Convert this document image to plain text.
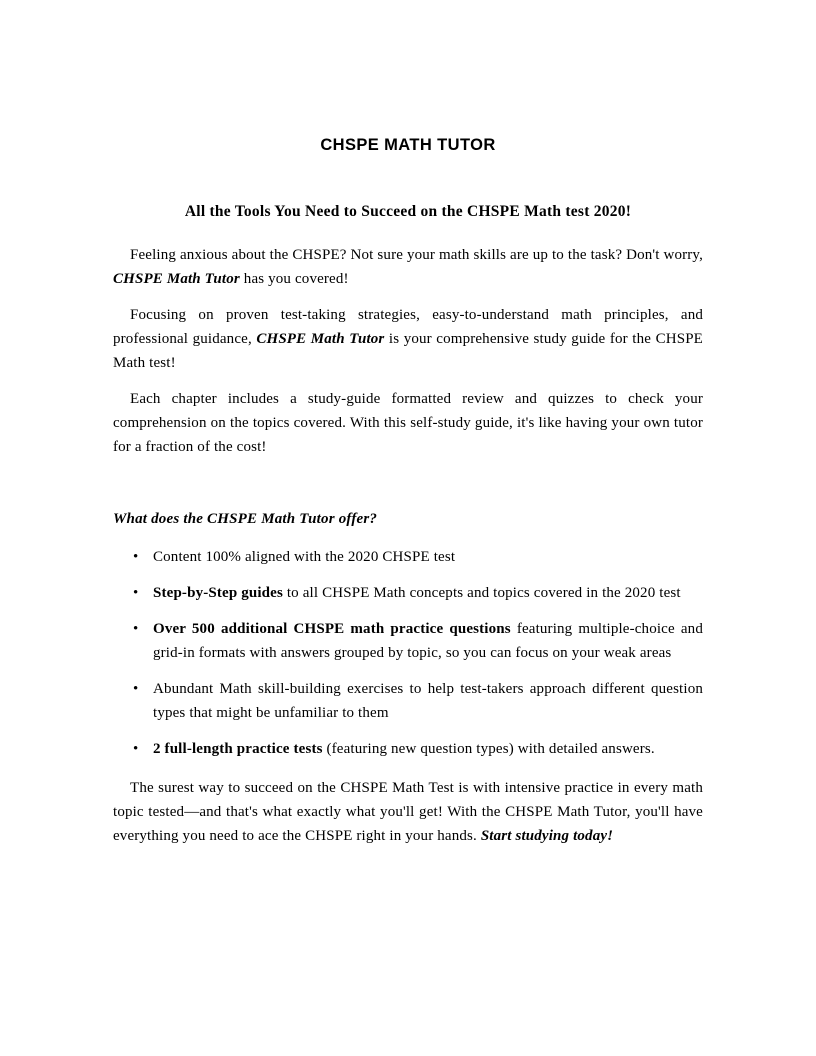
CHSPE MATH TUTOR
All the Tools You Need to Succeed on the CHSPE Math test 2020!

Feeling anxious about the CHSPE? Not sure your math skills are up to the task? Don't worry, CHSPE Math Tutor has you covered!

Focusing on proven test-taking strategies, easy-to-understand math principles, and professional guidance, CHSPE Math Tutor is your comprehensive study guide for the CHSPE Math test!

Each chapter includes a study-guide formatted review and quizzes to check your comprehension on the topics covered. With this self-study guide, it's like having your own tutor for a fraction of the cost!

What does the CHSPE Math Tutor offer?
• Content 100% aligned with the 2020 CHSPE test
• Step-by-Step guides to all CHSPE Math concepts and topics covered in the 2020 test
• Over 500 additional CHSPE math practice questions featuring multiple-choice and grid-in formats with answers grouped by topic, so you can focus on your weak areas
• Abundant Math skill-building exercises to help test-takers approach different question types that might be unfamiliar to them
• 2 full-length practice tests (featuring new question types) with detailed answers.

The surest way to succeed on the CHSPE Math Test is with intensive practice in every math topic tested—and that's what exactly what you'll get! With the CHSPE Math Tutor, you'll have everything you need to ace the CHSPE right in your hands. Start studying today!
